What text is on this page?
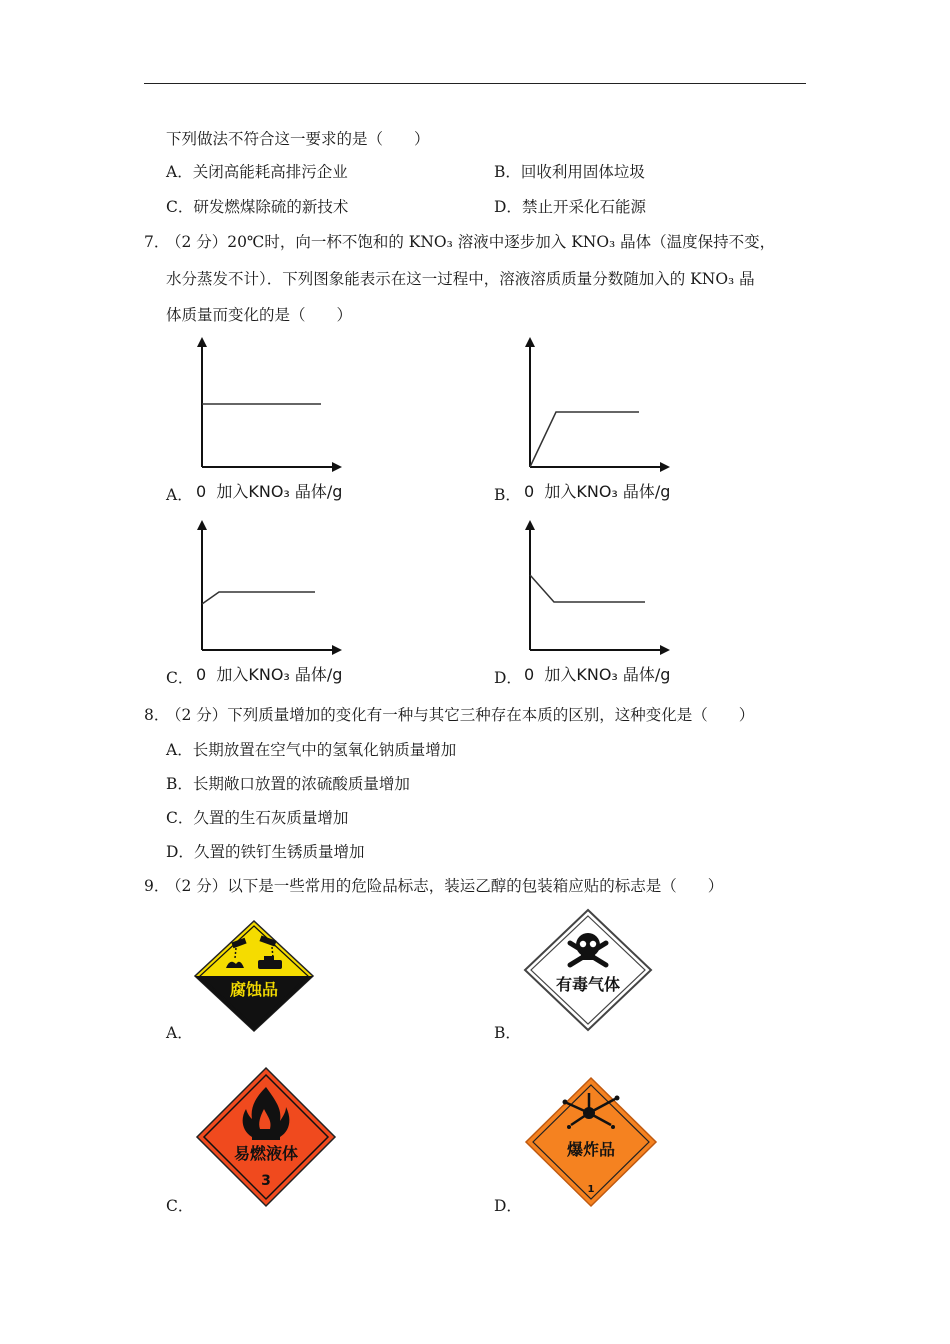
下列做法不符合这一要求的是（　　）
A．关闭高能耗高排污企业	B．回收利用固体垃圾
C．研发燃煤除硫的新技术	D．禁止开采化石能源
7．
（2 分）20℃时，向一杯不饱和的 KNO₃ 溶液中逐步加入 KNO₃ 晶体（温度保持不变，
水分蒸发不计）．下列图象能表示在这一过程中，溶液溶质质量分数随加入的 KNO₃ 晶
体质量而变化的是（　　）
A． 0 加入KNO₃ 晶体/g	B． 0 加入KNO₃ 晶体/g
C． 0 加入KNO₃ 晶体/g	D． 0 加入KNO₃ 晶体/g
8．
（2 分）下列质量增加的变化有一种与其它三种存在本质的区别，这种变化是（　　）
A．长期放置在空气中的氢氧化钠质量增加
B．长期敞口放置的浓硫酸质量增加
C．久置的生石灰质量增加
D．久置的铁钉生锈质量增加
9．
（2 分）以下是一些常用的危险品标志，装运乙醇的包装箱应贴的标志是（　　）
A．
腐蚀品
B．
有毒气体
C．
易燃液体
3
D．
爆炸品
1
